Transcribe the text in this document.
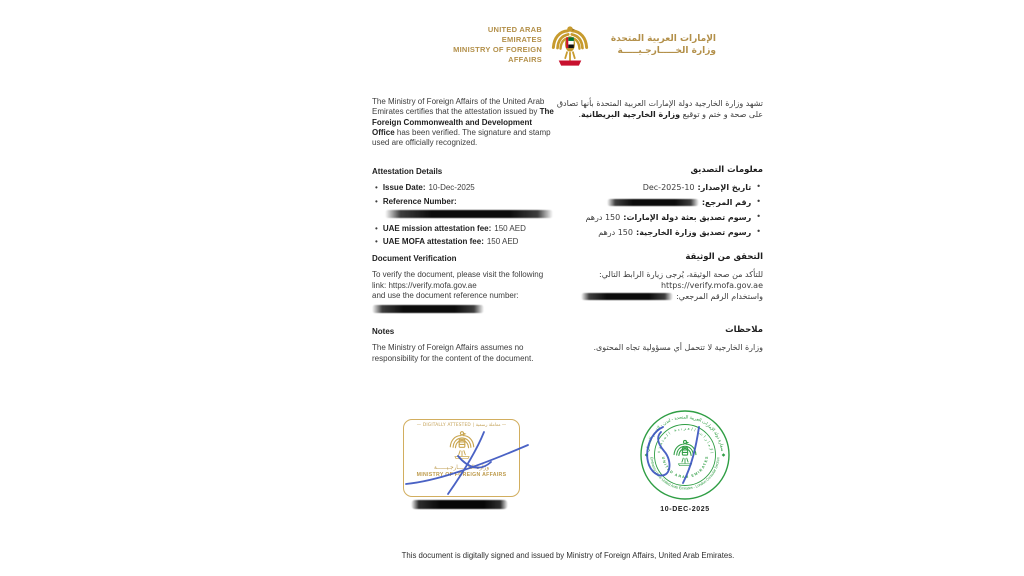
UNITED ARAB EMIRATES
MINISTRY OF FOREIGN AFFAIRS
الإمارات العربية المتحدة
وزارة الخـــــارجـيـــــة
The Ministry of Foreign Affairs of the United Arab Emirates certifies that the attestation issued by The Foreign Commonwealth and Development Office has been verified. The signature and stamp used are officially recognized.
تشهد وزارة الخارجية دولة الإمارات العربية المتحدة بأنها تصادق على صحة و ختم و توقيع وزارة الخارجية البريطانية.
Attestation Details
• Issue Date: 10-Dec-2025
• Reference Number:
• UAE mission attestation fee: 150 AED
• UAE MOFA attestation fee: 150 AED
معلومات التصديق
•
تاريخ الإصدار:10-Dec-2025
•
رقم المرجع:
•
رسوم تصديق بعثة دولة الإمارات:150 درهم
•
رسوم تصديق وزارة الخارجية:150 درهم
Document Verification
To verify the document, please visit the following
link: https://verify.mofa.gov.ae
and use the document reference number:
التحقق من الوثيقة
للتأكد من صحة الوثيقة، يُرجى زيارة الرابط التالي:
https://verify.mofa.gov.ae
واستخدام الرقم المرجعي:
Notes
The Ministry of Foreign Affairs assumes no responsibility for the content of the document.
ملاحظات
وزارة الخارجية لا تتحمل أي مسؤولية تجاه المحتوى.
— DIGITALLY ATTESTED | معاملة رسمية —
وزارة الخــــــارجـيــــــة
MINISTRY OF FOREIGN AFFAIRS
سفارة دولة الإمارات العربية المتحدة - لندن - القسم القنصلي
Embassy of the United Arab Emirates - London Consular Section
الإمارات العربية المتحدة
UNITED ARAB EMIRATES
10-DEC-2025
This document is digitally signed and issued by Ministry of Foreign Affairs, United Arab Emirates.
